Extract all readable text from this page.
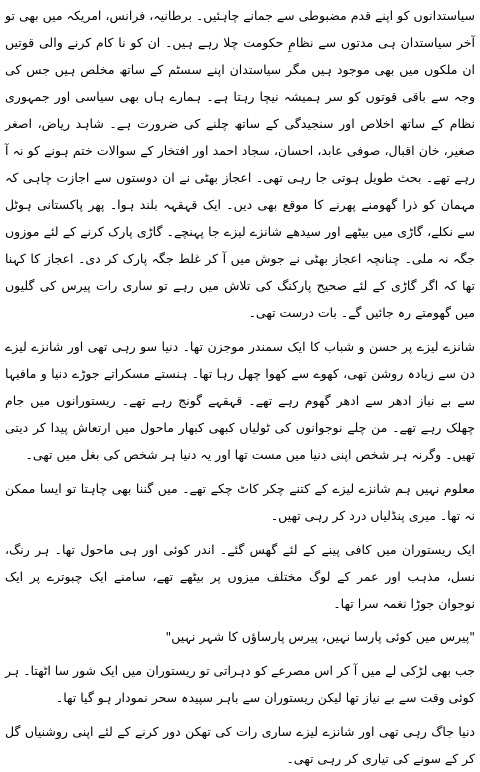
سیاستدانوں کو اپنے قدم مضبوطی سے جمانے چاہئیں۔ برطانیہ، فرانس، امریکہ میں بھی تو آخر سیاستدان ہی مدتوں سے نظامِ حکومت چلا رہے ہیں۔ ان کو نا کام کرنے والی قوتیں ان ملکوں میں بھی موجود ہیں مگر سیاستدان اپنے سسٹم کے ساتھ مخلص ہیں جس کی وجہ سے باقی قوتوں کو سر ہمیشہ نیچا رہتا ہے۔ ہمارے ہاں بھی سیاسی اور جمہوری نظام کے ساتھ اخلاص اور سنجیدگی کے ساتھ چلنے کی ضرورت ہے۔ شاہد ریاض، اصغر صغیر، خان اقبال، صوفی عابد، احسان، سجاد احمد اور افتخار کے سوالات ختم ہونے کو نہ آ رہے تھے۔ بحث طویل ہوتی جا رہی تھی۔ اعجاز بھٹی نے ان دوستوں سے اجازت چاہی کہ مہمان کو ذرا گھومنے پھرنے کا موقع بھی دیں۔ ایک قہقہہ بلند ہوا۔ پھر پاکستانی ہوٹل سے نکلے، گاڑی میں بیٹھے اور سیدھے شانزے لیزے جا پہنچے۔ گاڑی پارک کرنے کے لئے موزوں جگہ نہ ملی۔ چنانچہ اعجاز بھٹی نے جوش میں آ کر غلط جگہ پارک کر دی۔ اعجاز کا کہنا تھا کہ اگر گاڑی کے لئے صحیح پارکنگ کی تلاش میں رہے تو ساری رات پیرس کی گلیوں میں گھومتے رہ جائیں گے۔ بات درست تھی۔

شانزے لیزے پر حسن و شباب کا ایک سمندر موجزن تھا۔ دنیا سو رہی تھی اور شانزے لیزے دن سے زیادہ روشن تھی، کھوے سے کھوا چھل رہا تھا۔ ہنستے مسکراتے جوڑے دنیا و مافیہا سے بے نیاز ادھر سے ادھر گھوم رہے تھے۔ قہقہے گونج رہے تھے۔ ریستورانوں میں جام چھلک رہے تھے۔ من چلے نوجوانوں کی ٹولیاں کبھی کبھار ماحول میں ارتعاش پیدا کر دیتی تھیں۔ وگرنہ ہر شخص اپنی دنیا میں مست تھا اور یہ دنیا ہر شخص کی بغل میں تھی۔

معلوم نہیں ہم شانزے لیزے کے کتنے چکر کاٹ چکے تھے۔ میں گننا بھی چاہتا تو ایسا ممکن نہ تھا۔ میری پنڈلیاں درد کر رہی تھیں۔

ایک ریستوران میں کافی پینے کے لئے گھس گئے۔ اندر کوئی اور ہی ماحول تھا۔ ہر رنگ، نسل، مذہب اور عمر کے لوگ مختلف میزوں پر بیٹھے تھے، سامنے ایک چبوترے پر ایک نوجوان جوڑا نغمہ سرا تھا۔

"پیرس میں کوئی پارسا نہیں، پیرس پارساؤں کا شہر نہیں"

جب بھی لڑکی لے میں آ کر اس مصرعے کو دہراتی تو ریستوران میں ایک شور سا اٹھتا۔ ہر کوئی وقت سے بے نیاز تھا لیکن ریستوران سے باہر سپیدہ سحر نمودار ہو گیا تھا۔

دنیا جاگ رہی تھی اور شانزے لیزے ساری رات کی تھکن دور کرنے کے لئے اپنی روشنیاں گل کر کے سونے کی تیاری کر رہی تھی۔
